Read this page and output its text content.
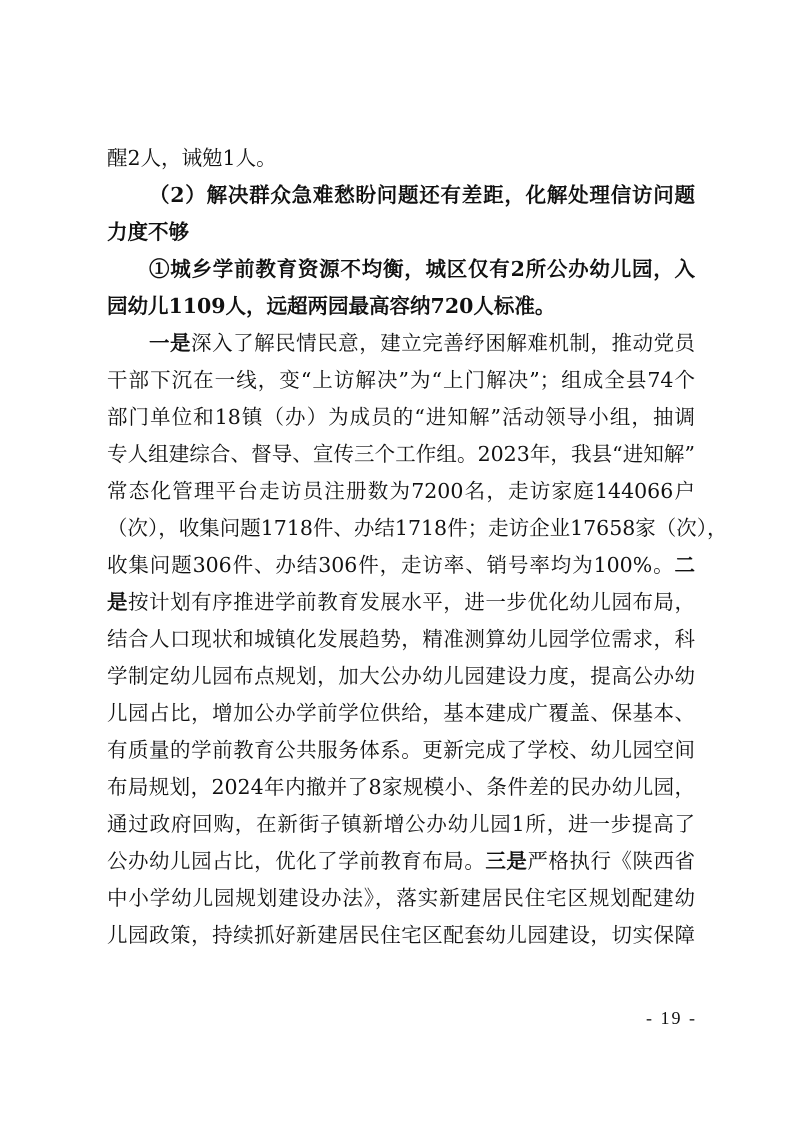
醒2人，诫勉1人。
（2）解决群众急难愁盼问题还有差距，化解处理信访问题
力度不够
①城乡学前教育资源不均衡，城区仅有2所公办幼儿园，入
园幼儿1109人，远超两园最高容纳720人标准。
一是深入了解民情民意，建立完善纾困解难机制，推动党员
干部下沉在一线，变“上访解决”为“上门解决”；组成全县74个
部门单位和18镇（办）为成员的“进知解”活动领导小组，抽调
专人组建综合、督导、宣传三个工作组。2023年，我县“进知解”
常态化管理平台走访员注册数为7200名，走访家庭144066户
（次），收集问题1718件、办结1718件；走访企业17658家（次），
收集问题306件、办结306件，走访率、销号率均为100%。二
是按计划有序推进学前教育发展水平，进一步优化幼儿园布局，
结合人口现状和城镇化发展趋势，精准测算幼儿园学位需求，科
学制定幼儿园布点规划，加大公办幼儿园建设力度，提高公办幼
儿园占比，增加公办学前学位供给，基本建成广覆盖、保基本、
有质量的学前教育公共服务体系。更新完成了学校、幼儿园空间
布局规划，2024年内撤并了8家规模小、条件差的民办幼儿园，
通过政府回购，在新街子镇新增公办幼儿园1所，进一步提高了
公办幼儿园占比，优化了学前教育布局。三是严格执行《陕西省
中小学幼儿园规划建设办法》，落实新建居民住宅区规划配建幼
儿园政策，持续抓好新建居民住宅区配套幼儿园建设，切实保障
- 19 -
